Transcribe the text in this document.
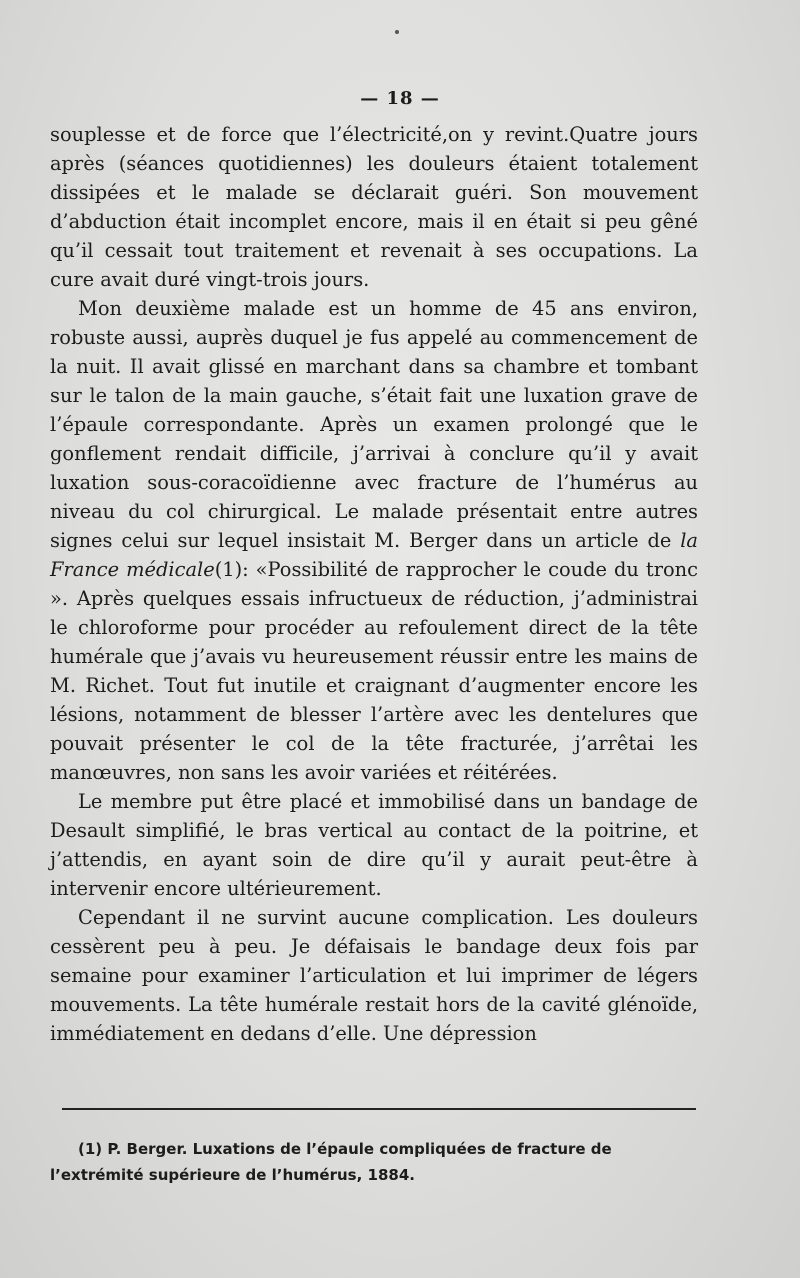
— 18 —

souplesse et de force que l’électricité,on y revint.Quatre jours après (séances quotidiennes) les douleurs étaient totalement dissipées et le malade se déclarait guéri. Son mouvement d’abduction était incomplet encore, mais il en était si peu gêné qu’il cessait tout traitement et revenait à ses occupations. La cure avait duré vingt-trois jours.

Mon deuxième malade est un homme de 45 ans environ, robuste aussi, auprès duquel je fus appelé au commencement de la nuit. Il avait glissé en marchant dans sa chambre et tombant sur le talon de la main gauche, s’était fait une luxation grave de l’épaule correspondante. Après un examen prolongé que le gonflement rendait difficile, j’arrivai à conclure qu’il y avait luxation sous-coracoïdienne avec fracture de l’humérus au niveau du col chirurgical. Le malade présentait entre autres signes celui sur lequel insistait M. Berger dans un article de la France médicale(1): «Possibilité de rapprocher le coude du tronc ». Après quelques essais infructueux de réduction, j’administrai le chloroforme pour procéder au refoulement direct de la tête humérale que j’avais vu heureusement réussir entre les mains de M. Richet. Tout fut inutile et craignant d’augmenter encore les lésions, notamment de blesser l’artère avec les dentelures que pouvait présenter le col de la tête fracturée, j’arrêtai les manœuvres, non sans les avoir variées et réitérées.

Le membre put être placé et immobilisé dans un bandage de Desault simplifié, le bras vertical au contact de la poitrine, et j’attendis, en ayant soin de dire qu’il y aurait peut-être à intervenir encore ultérieurement.

Cependant il ne survint aucune complication. Les douleurs cessèrent peu à peu. Je défaisais le bandage deux fois par semaine pour examiner l’articulation et lui imprimer de légers mouvements. La tête humérale restait hors de la cavité glénoïde, immédiatement en dedans d’elle. Une dépression

(1) P. Berger. Luxations de l’épaule compliquées de fracture de l’extrémité supérieure de l’humérus, 1884.
